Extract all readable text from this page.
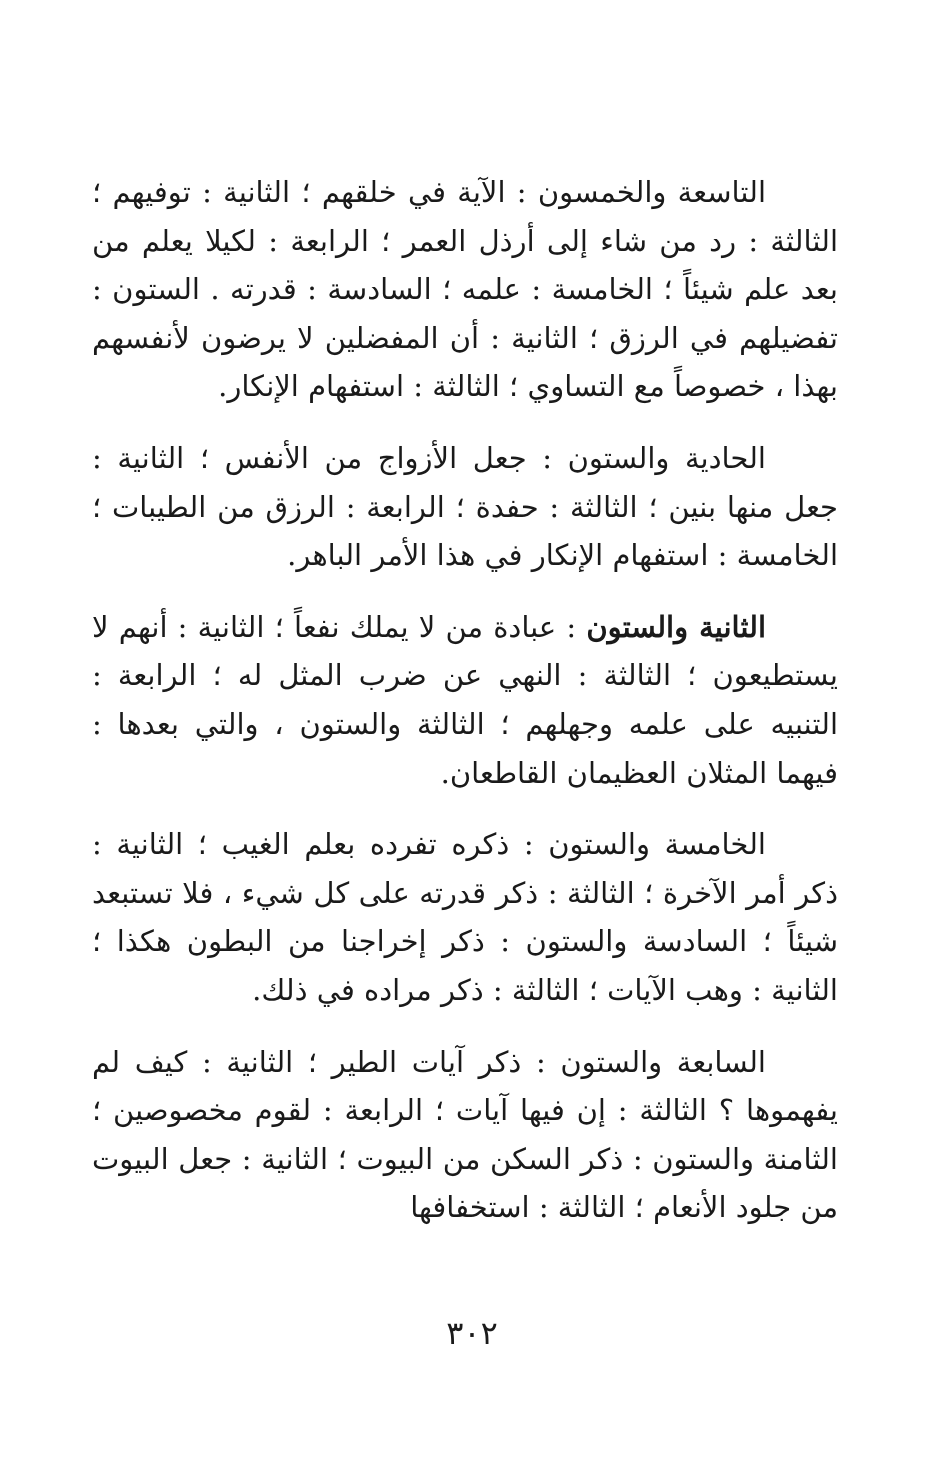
التاسعة والخمسون : الآية في خلقهم ؛ الثانية : توفيهم ؛ الثالثة : رد من شاء إلى أرذل العمر ؛ الرابعة : لكيلا يعلم من بعد علم شيئاً ؛ الخامسة : علمه ؛ السادسة : قدرته . الستون : تفضيلهم في الرزق ؛ الثانية : أن المفضلين لا يرضون لأنفسهم بهذا ، خصوصاً مع التساوي ؛ الثالثة : استفهام الإنكار.

الحادية والستون : جعل الأزواج من الأنفس ؛ الثانية : جعل منها بنين ؛ الثالثة : حفدة ؛ الرابعة : الرزق من الطيبات ؛ الخامسة : استفهام الإنكار في هذا الأمر الباهر.

الثانية والستون : عبادة من لا يملك نفعاً ؛ الثانية : أنهم لا يستطيعون ؛ الثالثة : النهي عن ضرب المثل له ؛ الرابعة : التنبيه على علمه وجهلهم ؛ الثالثة والستون ، والتي بعدها : فيهما المثلان العظيمان القاطعان.

الخامسة والستون : ذكره تفرده بعلم الغيب ؛ الثانية : ذكر أمر الآخرة ؛ الثالثة : ذكر قدرته على كل شيء ، فلا تستبعد شيئاً ؛ السادسة والستون : ذكر إخراجنا من البطون هكذا ؛ الثانية : وهب الآيات ؛ الثالثة : ذكر مراده في ذلك.

السابعة والستون : ذكر آيات الطير ؛ الثانية : كيف لم يفهموها ؟ الثالثة : إن فيها آيات ؛ الرابعة : لقوم مخصوصين ؛ الثامنة والستون : ذكر السكن من البيوت ؛ الثانية : جعل البيوت من جلود الأنعام ؛ الثالثة : استخفافها

٣٠٢
